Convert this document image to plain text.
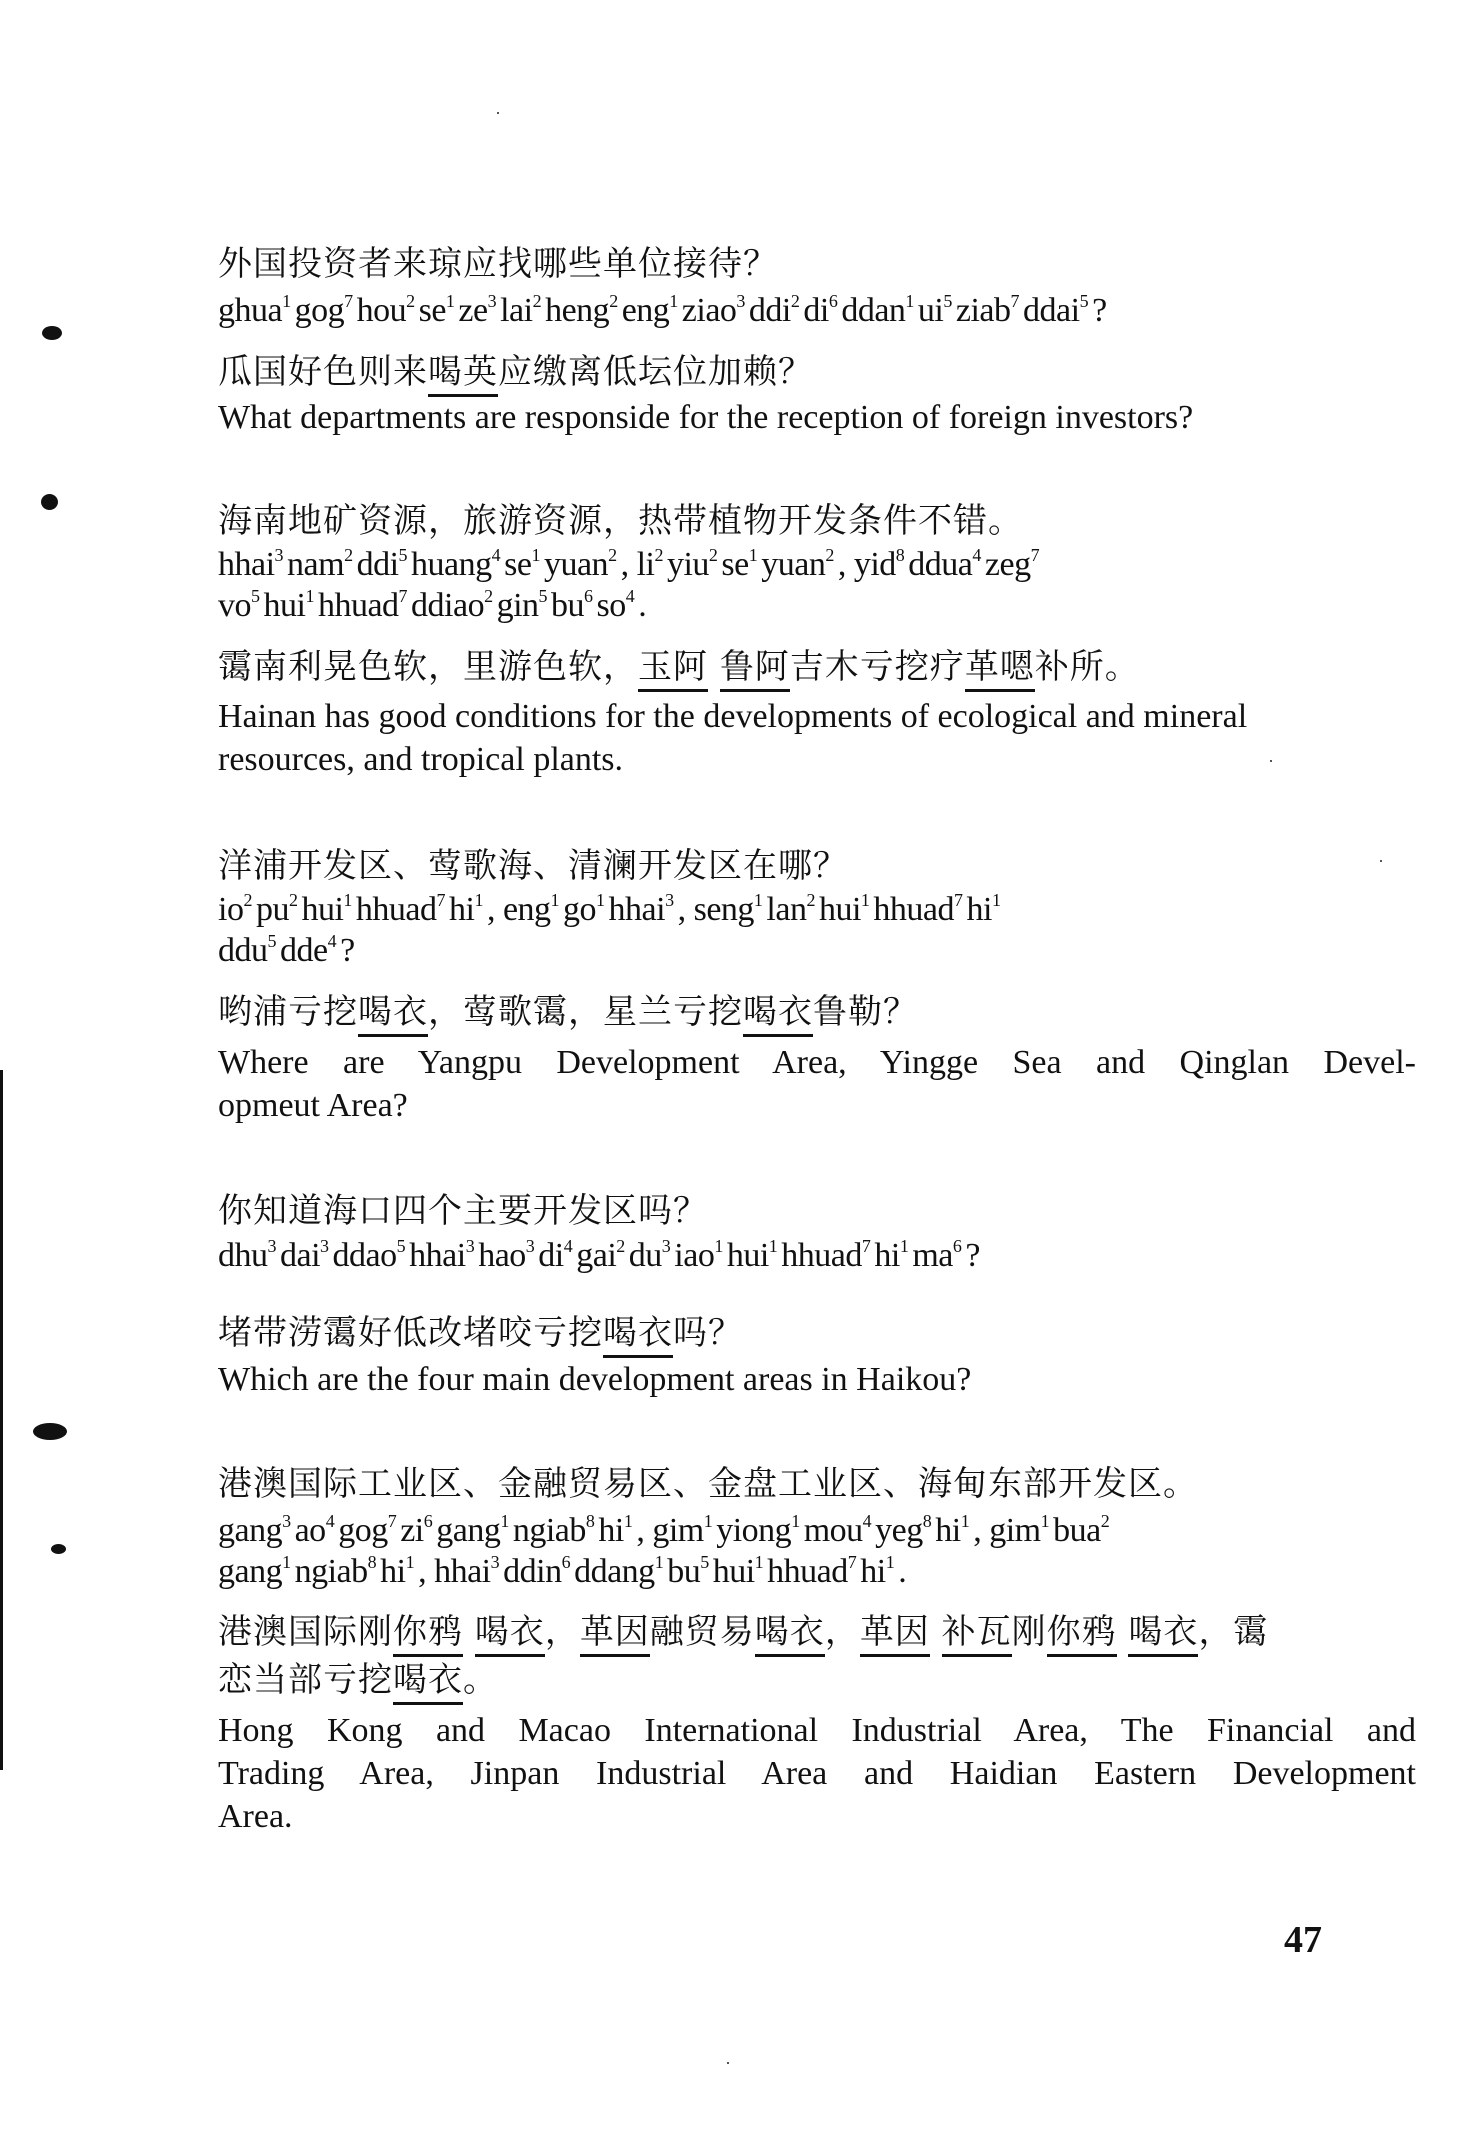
外国投资者来琼应找哪些单位接待？
ghua$^1$ gog$^7$ hou$^2$ $se^1$ $ze^3$ lai$^2$ heng$^2$ eng$^1$ ziao$^3$ ddi$^2$ $di^6$ ddan$^1$ $ui^5$ ziab$^7$ ddai$^5$ ?
瓜国好色则来喝英应缴离低坛位加赖？
What departments are responside for the reception of foreign investors?
海南地矿资源，旅游资源，热带植物开发条件不错。
hhai$^3$ nam$^2$ ddi$^5$ huang$^4$ $se^1$ yuan$^2$ , $li^2$ yiu$^2$ $se^1$ yuan$^2$ , yid$^8$ ddua$^4$ zeg$^7$
$vo^5$ hui$^1$ hhuad$^7$ ddiao$^2$ gin$^5$ $bu^6$ $so^4$ .
霭南利晃色软，里游色软，玉阿 鲁阿吉木亏挖疗革嗯补所。
Hainan has good conditions for the developments of ecological and mineral
resources, and tropical plants.
洋浦开发区、莺歌海、清澜开发区在哪？
$io^2$ $pu^2$ hui$^1$ hhuad$^7$ $hi^1$ , eng$^1$ $go^1$ hhai$^3$ , seng$^1$ lan$^2$ hui$^1$ hhuad$^7$ $hi^1$
ddu$^5$ dde$^4$ ?
哟浦亏挖喝衣，莺歌霭，星兰亏挖喝衣鲁勒？
Where are Yangpu Development Area, Yingge Sea and Qinglan Devel-
opmeut Area?
你知道海口四个主要开发区吗？
dhu$^3$ dai$^3$ ddao$^5$ hhai$^3$ hao$^3$ $di^4$ gai$^2$ $du^3$ iao$^1$ hui$^1$ hhuad$^7$ $hi^1$ $ma^6$ ?
堵带涝霭好低改堵咬亏挖喝衣吗？
Which are the four main development areas in Haikou?
港澳国际工业区、金融贸易区、金盘工业区、海甸东部开发区。
gang$^3$ $ao^4$ gog$^7$ $zi^6$ gang$^1$ ngiab$^8$ $hi^1$ , gim$^1$ yiong$^1$ mou$^4$ yeg$^8$ $hi^1$ , gim$^1$ bua$^2$
gang$^1$ ngiab$^8$ $hi^1$ , hhai$^3$ ddin$^6$ ddang$^1$ $bu^5$ hui$^1$ hhuad$^7$ $hi^1$ .
港澳国际刚你鸦 喝衣，革因融贸易喝衣，革因 补瓦刚你鸦 喝衣，霭
恋当部亏挖喝衣。
Hong Kong and Macao International Industrial Area, The Financial and
Trading Area, Jinpan Industrial Area and Haidian Eastern Development
Area.
47
